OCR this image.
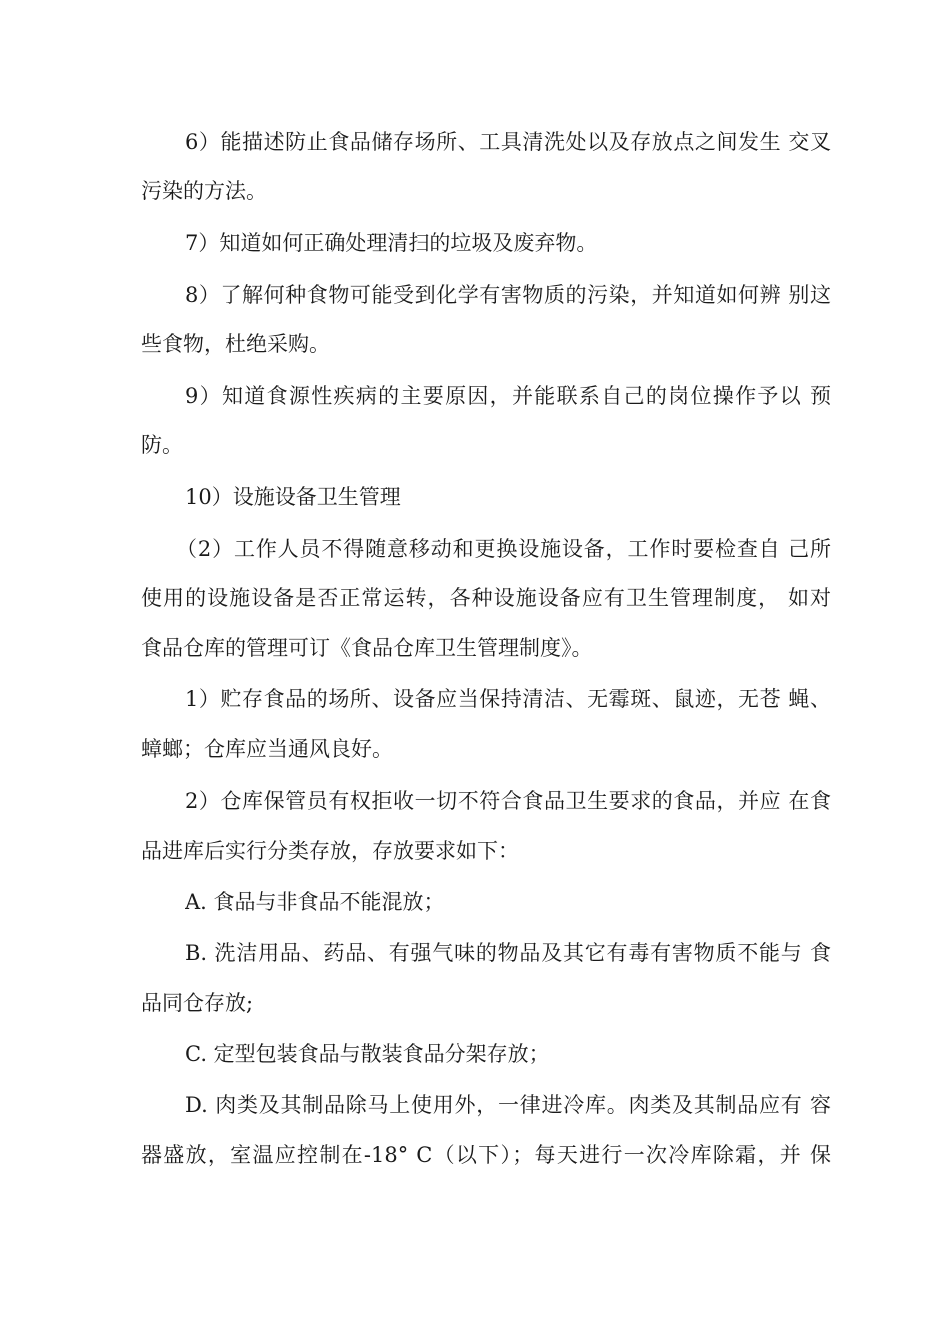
6）能描述防止食品储存场所、工具清洗处以及存放点之间发生 交叉
污染的方法。
7）知道如何正确处理清扫的垃圾及废弃物。
8）了解何种食物可能受到化学有害物质的污染，并知道如何辨 别这
些食物，杜绝采购。
9）知道食源性疾病的主要原因，并能联系自己的岗位操作予以 预
防。
10）设施设备卫生管理
（2）工作人员不得随意移动和更换设施设备，工作时要检查自 己所
使用的设施设备是否正常运转，各种设施设备应有卫生管理制度， 如对
食品仓库的管理可订《食品仓库卫生管理制度》。
1）贮存食品的场所、设备应当保持清洁、无霉斑、鼠迹，无苍 蝇、
蟑螂；仓库应当通风良好。
2）仓库保管员有权拒收一切不符合食品卫生要求的食品，并应 在食
品进库后实行分类存放，存放要求如下：
A. 食品与非食品不能混放；
B. 洗洁用品、药品、有强气味的物品及其它有毒有害物质不能与 食
品同仓存放;
C. 定型包装食品与散装食品分架存放；
D. 肉类及其制品除马上使用外，一律进冷库。肉类及其制品应有 容
器盛放，室温应控制在-18° C（以下）；每天进行一次冷库除霜，并 保
